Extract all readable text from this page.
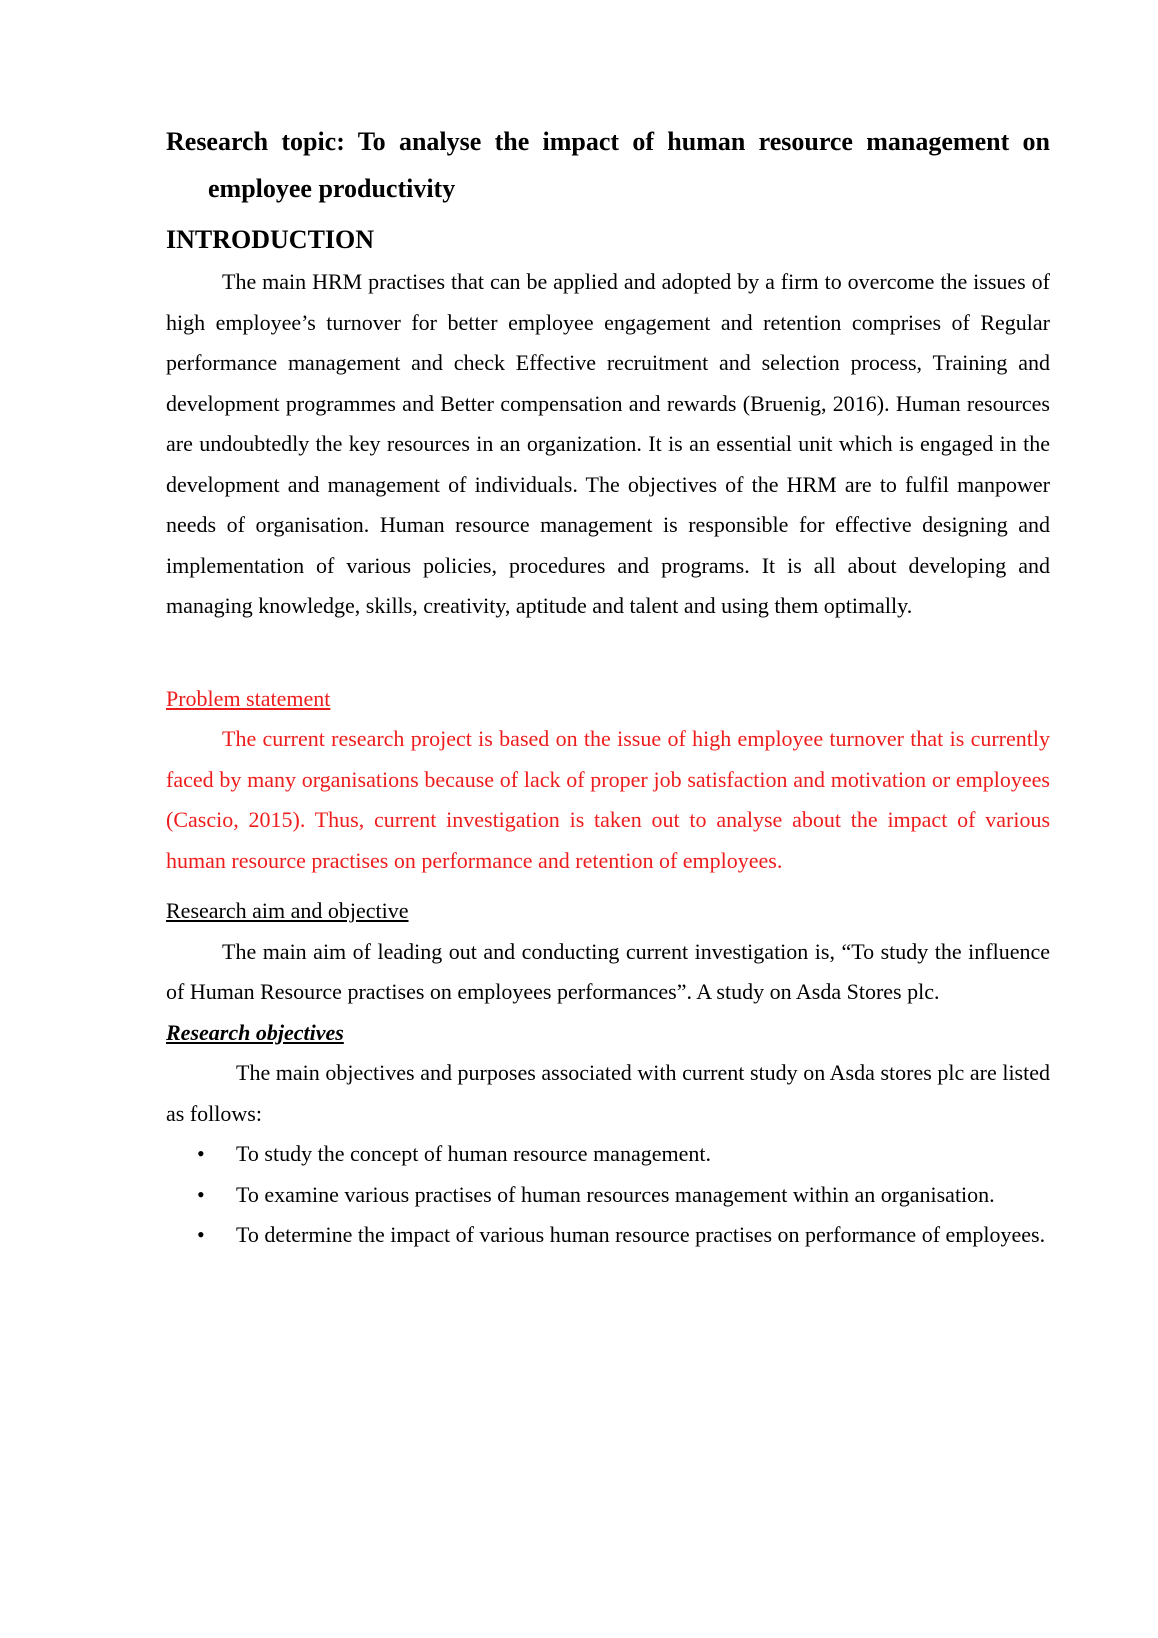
Research topic: To analyse the impact of human resource management on employee productivity

INTRODUCTION

The main HRM practises that can be applied and adopted by a firm to overcome the issues of high employee’s turnover for better employee engagement and retention comprises of Regular performance management and check Effective recruitment and selection process, Training and development programmes and Better compensation and rewards (Bruenig, 2016). Human resources are undoubtedly the key resources in an organization. It is an essential unit which is engaged in the development and management of individuals. The objectives of the HRM are to fulfil manpower needs of organisation. Human resource management is responsible for effective designing and implementation of various policies, procedures and programs. It is all about developing and managing knowledge, skills, creativity, aptitude and talent and using them optimally.

Problem statement

The current research project is based on the issue of high employee turnover that is currently faced by many organisations because of lack of proper job satisfaction and motivation or employees (Cascio, 2015). Thus, current investigation is taken out to analyse about the impact of various human resource practises on performance and retention of employees.

Research aim and objective

The main aim of leading out and conducting current investigation is, “To study the influence of Human Resource practises on employees performances”. A study on Asda Stores plc.

Research objectives

The main objectives and purposes associated with current study on Asda stores plc are listed as follows:

• To study the concept of human resource management.
• To examine various practises of human resources management within an organisation.
• To determine the impact of various human resource practises on performance of employees.
